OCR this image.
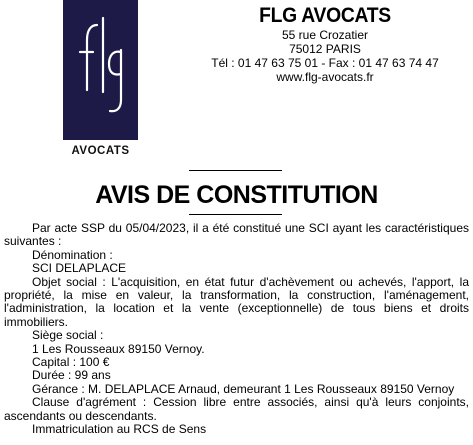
AVOCATS
FLG AVOCATS
55 rue Crozatier
75012 PARIS
Tél : 01 47 63 75 01 - Fax : 01 47 63 74 47
www.flg-avocats.fr
AVIS DE CONSTITUTION

Par acte SSP du 05/04/2023, il a été constitué une SCI ayant les caractéristiques suivantes :

Dénomination :

SCI DELAPLACE

Objet social : L'acquisition, en état futur d'achèvement ou achevés, l'apport, la propriété, la mise en valeur, la transformation, la construction, l'aménagement, l'administration, la location et la vente (exceptionnelle) de tous biens et droits immobiliers.

Siège social :

1 Les Rousseaux 89150 Vernoy.

Capital : 100 €

Durée : 99 ans

Gérance : M. DELAPLACE Arnaud, demeurant 1 Les Rousseaux 89150 Vernoy

Clause d'agrément : Cession libre entre associés, ainsi qu'à leurs conjoints, ascendants ou descendants.

Immatriculation au RCS de Sens
